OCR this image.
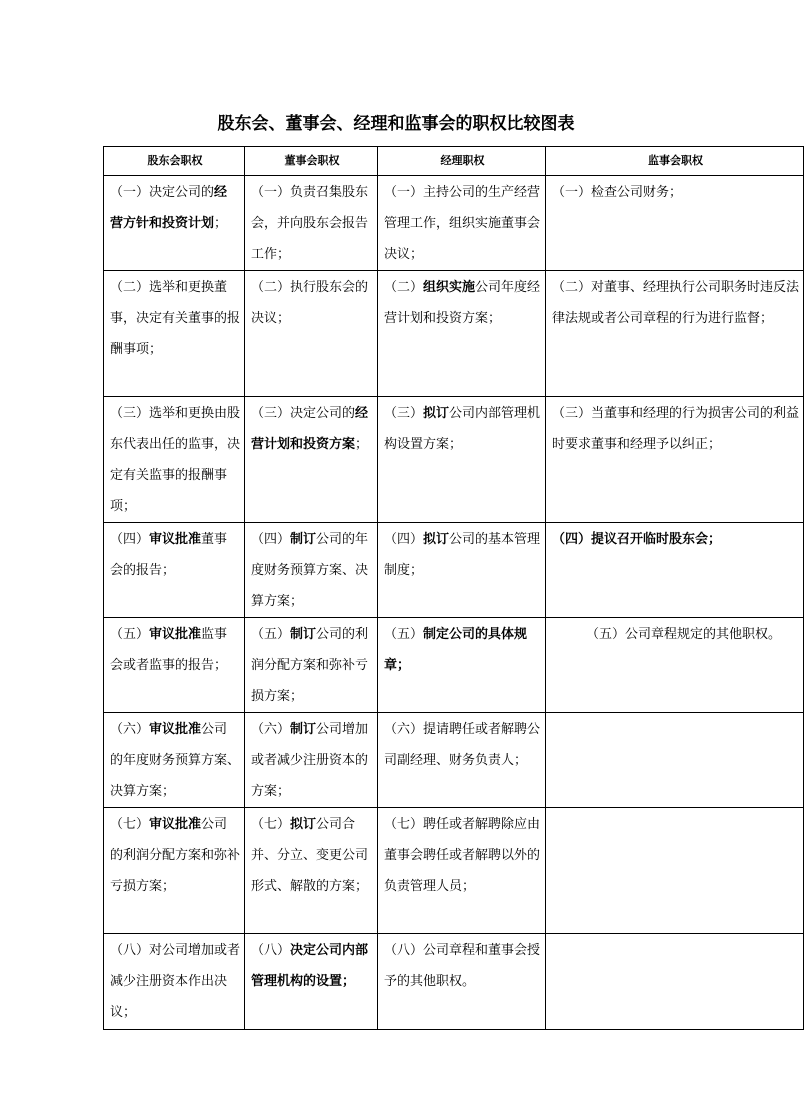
股东会、董事会、经理和监事会的职权比较图表
股东会职权	董事会职权	经理职权	监事会职权
（一）决定公司的经营方针和投资计划；	（一）负责召集股东会，并向股东会报告工作；	（一）主持公司的生产经营管理工作，组织实施董事会决议；	（一）检查公司财务；
（二）选举和更换董事，决定有关董事的报酬事项；	（二）执行股东会的决议；	（二）组织实施公司年度经营计划和投资方案；	（二）对董事、经理执行公司职务时违反法律法规或者公司章程的行为进行监督；
（三）选举和更换由股东代表出任的监事，决定有关监事的报酬事项；	（三）决定公司的经营计划和投资方案；	（三）拟订公司内部管理机构设置方案；	（三）当董事和经理的行为损害公司的利益时要求董事和经理予以纠正；
（四）审议批准董事会的报告；	（四）制订公司的年度财务预算方案、决算方案；	（四）拟订公司的基本管理制度；	（四）提议召开临时股东会；
（五）审议批准监事会或者监事的报告；	（五）制订公司的利润分配方案和弥补亏损方案；	（五）制定公司的具体规章；	（五）公司章程规定的其他职权。
（六）审议批准公司的年度财务预算方案、决算方案；	（六）制订公司增加或者减少注册资本的方案；	（六）提请聘任或者解聘公司副经理、财务负责人；	
（七）审议批准公司的利润分配方案和弥补亏损方案；	（七）拟订公司合并、分立、变更公司形式、解散的方案；	（七）聘任或者解聘除应由董事会聘任或者解聘以外的负责管理人员；	
（八）对公司增加或者减少注册资本作出决议；	（八）决定公司内部管理机构的设置；	（八）公司章程和董事会授予的其他职权。	
